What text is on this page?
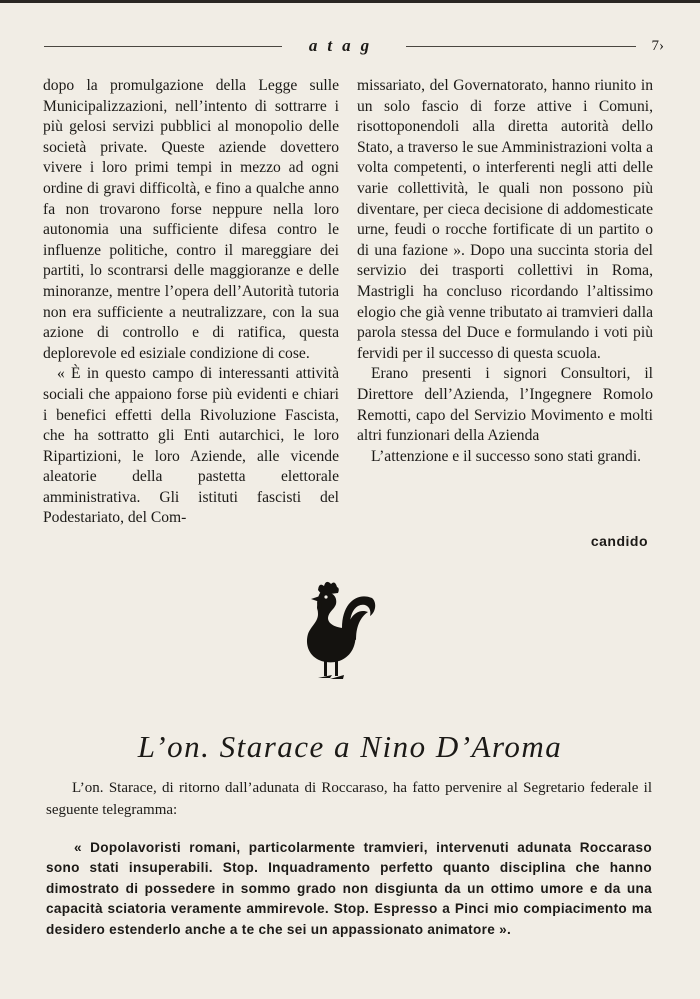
atag	7›

dopo la promulgazione della Legge sulle Municipalizzazioni, nell’intento di sottrarre i più gelosi servizi pubblici al monopolio delle società private. Queste aziende dovettero vivere i loro primi tempi in mezzo ad ogni ordine di gravi difficoltà, e fino a qualche anno fa non trovarono forse neppure nella loro autonomia una sufficiente difesa contro le influenze politiche, contro il mareggiare dei partiti, lo scontrarsi delle maggioranze e delle minoranze, mentre l’opera dell’Autorità tutoria non era sufficiente a neutralizzare, con la sua azione di controllo e di ratifica, questa deplorevole ed esiziale condizione di cose.

« È in questo campo di interessanti attività sociali che appaiono forse più evidenti e chiari i benefici effetti della Rivoluzione Fascista, che ha sottratto gli Enti autarchici, le loro Ripartizioni, le loro Aziende, alle vicende aleatorie della pastetta elettorale amministrativa. Gli istituti fascisti del Podestariato, del Com-

missariato, del Governatorato, hanno riunito in un solo fascio di forze attive i Comuni, risottoponendoli alla diretta autorità dello Stato, a traverso le sue Amministrazioni volta a volta competenti, o interferenti negli atti delle varie collettività, le quali non possono più diventare, per cieca decisione di addomesticate urne, feudi o rocche fortificate di un partito o di una fazione ». Dopo una succinta storia del servizio dei trasporti collettivi in Roma, Mastrigli ha concluso ricordando l’altissimo elogio che già venne tributato ai tramvieri dalla parola stessa del Duce e formulando i voti più fervidi per il successo di questa scuola.

Erano presenti i signori Consultori, il Direttore dell’Azienda, l’Ingegnere Romolo Remotti, capo del Servizio Movimento e molti altri funzionari della Azienda

L’attenzione e il successo sono stati grandi.

candido
L’on. Starace a Nino D’Aroma

L’on. Starace, di ritorno dall’adunata di Roccaraso, ha fatto pervenire al Segretario federale il seguente telegramma:

« Dopolavoristi romani, particolarmente tramvieri, intervenuti adunata Roccaraso sono stati insuperabili. Stop. Inquadramento perfetto quanto disciplina che hanno dimostrato di possedere in sommo grado non disgiunta da un ottimo umore e da una capacità sciatoria veramente ammirevole. Stop. Espresso a Pinci mio compiacimento ma desidero estenderlo anche a te che sei un appassionato animatore ».
